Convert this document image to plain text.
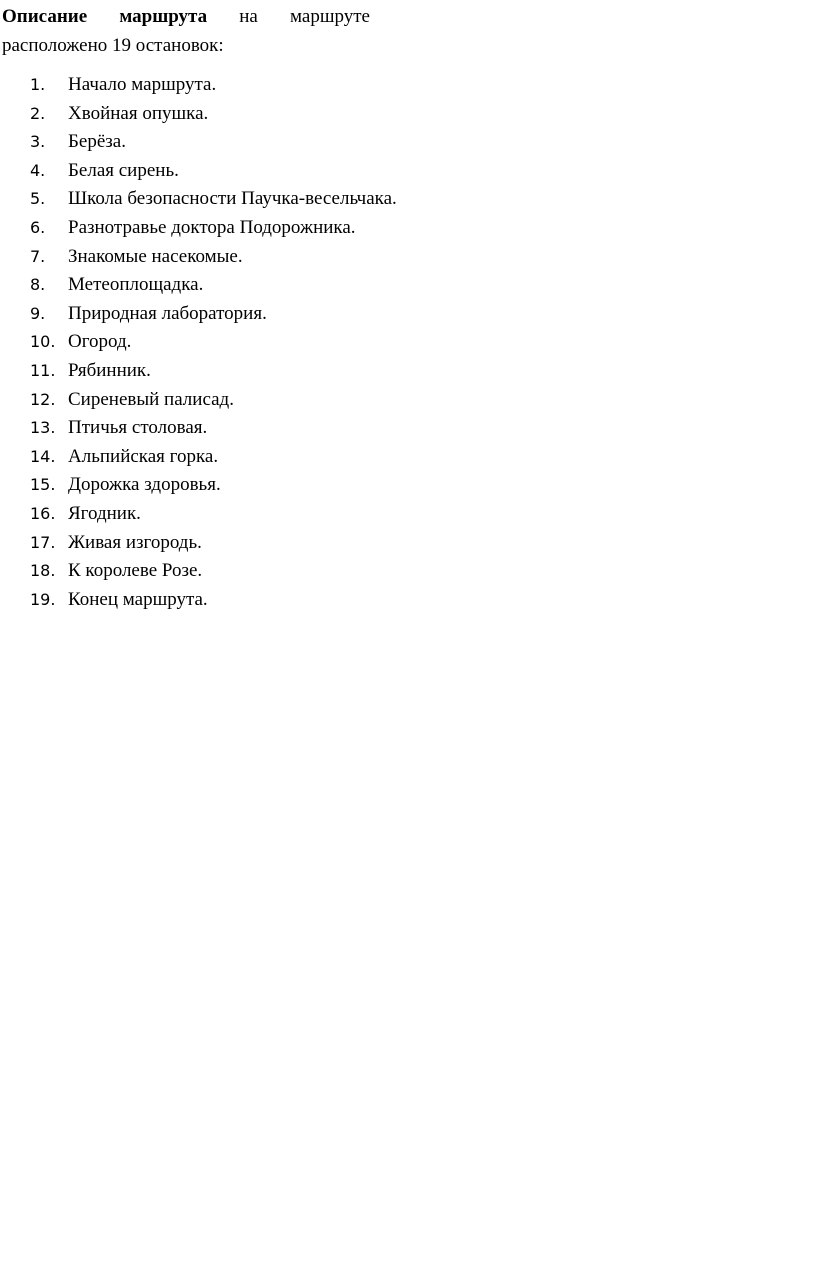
Описание маршрута на маршруте
расположено 19 остановок:
1.	Начало маршрута.
2.	Хвойная опушка.
3.	Берёза.
4.	Белая сирень.
5.	Школа безопасности Паучка-весельчака.
6.	Разнотравье доктора Подорожника.
7.	Знакомые насекомые.
8.	Метеоплощадка.
9.	Природная лаборатория.
10. Огород.
11. Рябинник.
12. Сиреневый палисад.
13. Птичья столовая.
14. Альпийская горка.
15. Дорожка здоровья.
16. Ягодник.
17. Живая изгородь.
18. К королеве Розе.
19. Конец маршрута.
